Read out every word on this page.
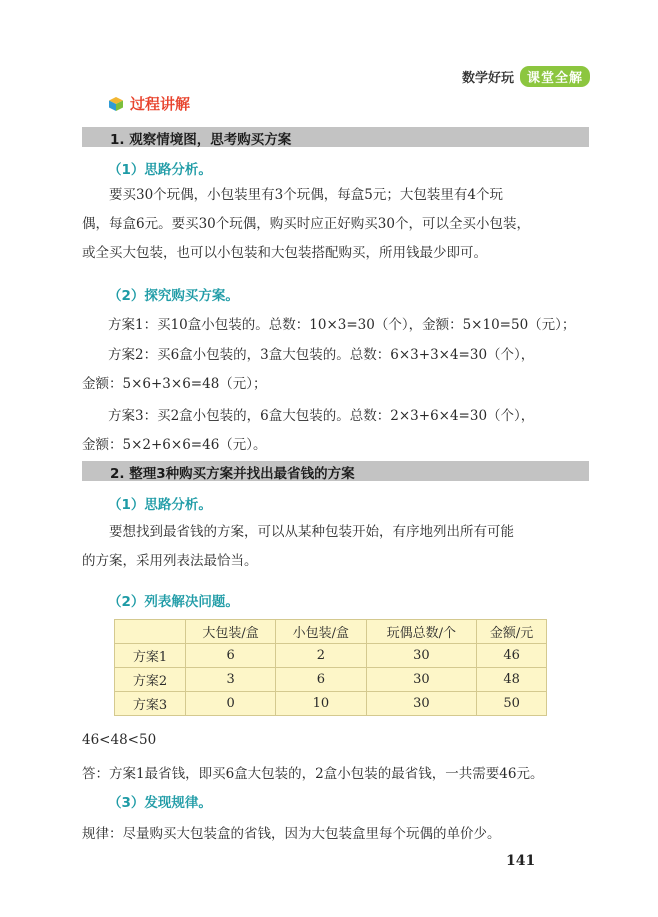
数学好玩	课堂全解
过程讲解
1. 观察情境图，思考购买方案
（1）思路分析。
要买30个玩偶，小包装里有3个玩偶，每盒5元；大包装里有4个玩
偶，每盒6元。要买30个玩偶，购买时应正好购买30个，可以全买小包装，
或全买大包装，也可以小包装和大包装搭配购买，所用钱最少即可。
（2）探究购买方案。
方案1：买10盒小包装的。总数：10×3=30（个），金额：5×10=50（元）；
方案2：买6盒小包装的，3盒大包装的。总数：6×3+3×4=30（个），
金额：5×6+3×6=48（元）；
方案3：买2盒小包装的，6盒大包装的。总数：2×3+6×4=30（个），
金额：5×2+6×6=46（元）。
2. 整理3种购买方案并找出最省钱的方案
（1）思路分析。
要想找到最省钱的方案，可以从某种包装开始，有序地列出所有可能
的方案，采用列表法最恰当。
（2）列表解决问题。
	大包装/盒	小包装/盒	玩偶总数/个	金额/元
方案1	6	2	30	46
方案2	3	6	30	48
方案3	0	10	30	50
46<48<50
答：方案1最省钱，即买6盒大包装的，2盒小包装的最省钱，一共需要46元。
（3）发现规律。
规律：尽量购买大包装盒的省钱，因为大包装盒里每个玩偶的单价少。
141
